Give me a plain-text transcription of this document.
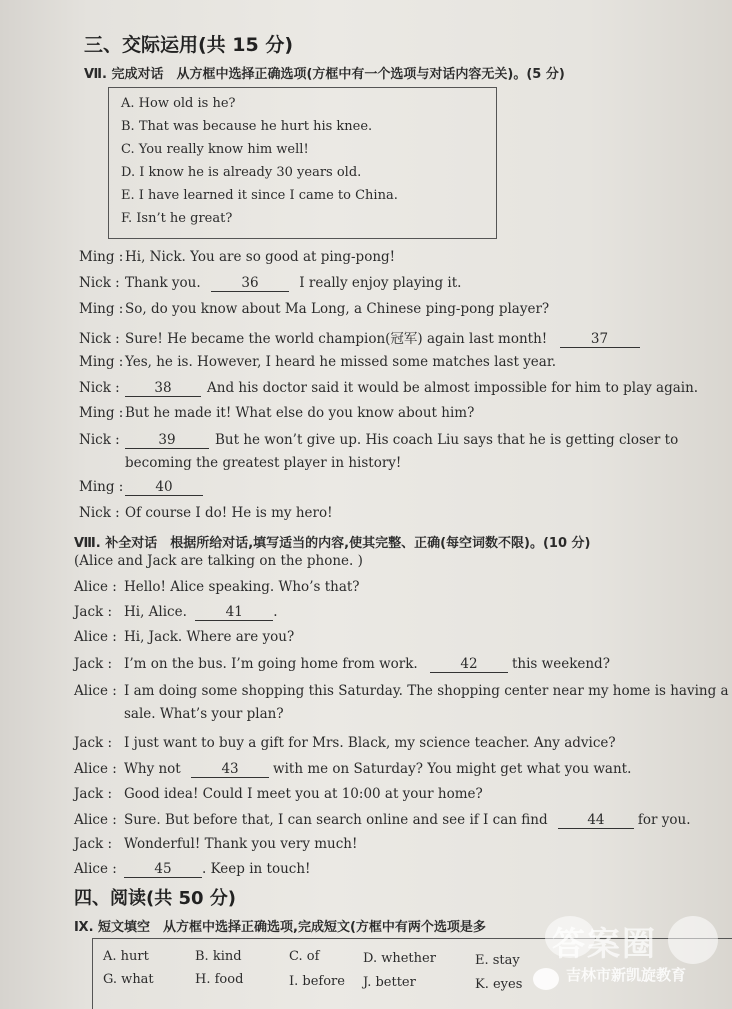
三、交际运用(共 15 分)
Ⅶ. 完成对话　从方框中选择正确选项(方框中有一个选项与对话内容无关)。(5 分)
A. How old is he?
B. That was because he hurt his knee.
C. You really know him well!
D. I know he is already 30 years old.
E. I have learned it since I came to China.
F. Isn’t he great?
Ming : Hi, Nick. You are so good at ping-pong!
Nick : Thank you.	36	I really enjoy playing it.
Ming : So, do you know about Ma Long, a Chinese ping-pong player?
Nick : Sure! He became the world champion(冠军) again last month!	37
Ming : Yes, he is. However, I heard he missed some matches last year.
Nick :	38	And his doctor said it would be almost impossible for him to play again.
Ming : But he made it! What else do you know about him?
Nick :	39	But he won’t give up. His coach Liu says that he is getting closer to
becoming the greatest player in history!
Ming : 40
Nick : Of course I do! He is my hero!
Ⅷ. 补全对话　根据所给对话,填写适当的内容,使其完整、正确(每空词数不限)。(10 分)
(Alice and Jack are talking on the phone. )
Alice : Hello! Alice speaking. Who’s that?
Jack : Hi, Alice.	41 .
Alice : Hi, Jack. Where are you?
Jack : I’m on the bus. I’m going home from work.	42	this weekend?
Alice : I am doing some shopping this Saturday. The shopping center near my home is having a
sale. What’s your plan?
Jack : I just want to buy a gift for Mrs. Black, my science teacher. Any advice?
Alice : Why not	43	with me on Saturday? You might get what you want.
Jack : Good idea! Could I meet you at 10:00 at your home?
Alice : Sure. But before that, I can search online and see if I can find	44 for you.
Jack : Wonderful! Thank you very much!
Alice :	45 . Keep in touch!
四、阅读(共 50 分)
Ⅸ. 短文填空　从方框中选择正确选项,完成短文(方框中有两个选项是多
A. hurt	B. kind	C. of	D. whether	E. stay
G. what	H. food	I. before J. better	K. eyes
答案圈
吉林市新凯旋教育
